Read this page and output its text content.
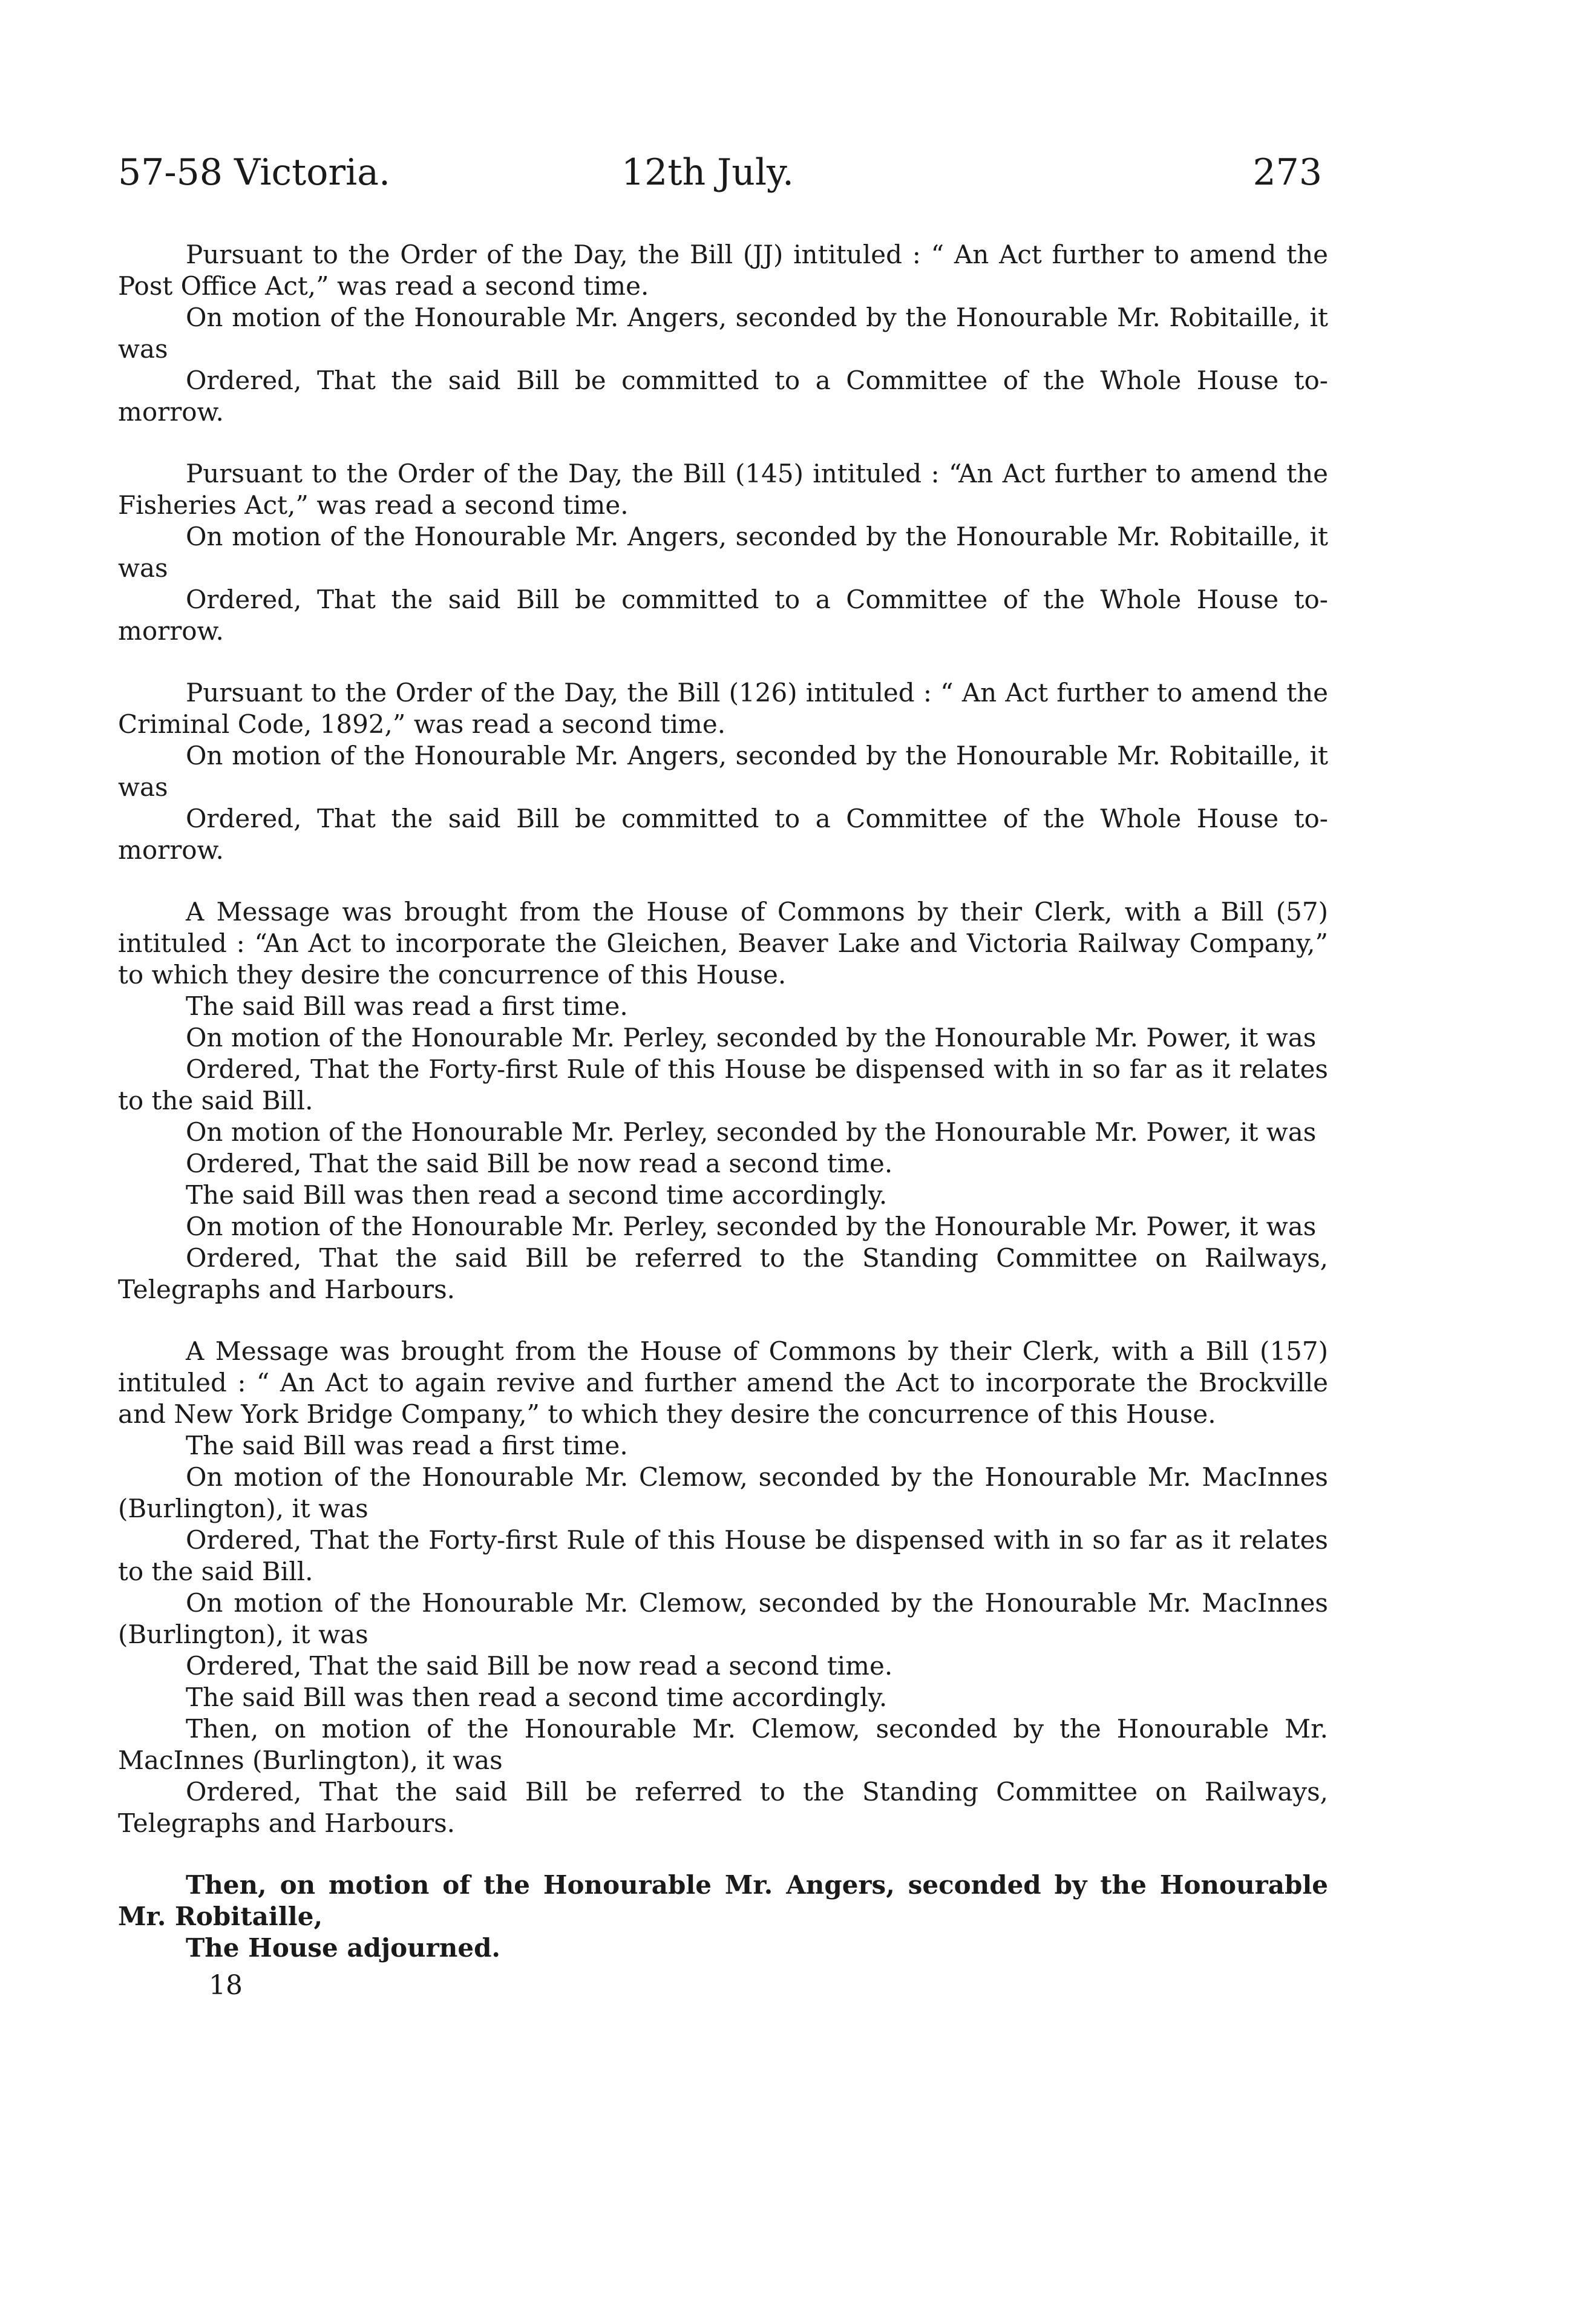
57-58 Victoria.	12th July.	273

Pursuant to the Order of the Day, the Bill (JJ) intituled : “ An Act further to amend the Post Office Act,” was read a second time.

On motion of the Honourable Mr. Angers, seconded by the Honourable Mr. Robitaille, it was

Ordered, That the said Bill be committed to a Committee of the Whole House to-morrow.

Pursuant to the Order of the Day, the Bill (145) intituled : “An Act further to amend the Fisheries Act,” was read a second time.

On motion of the Honourable Mr. Angers, seconded by the Honourable Mr. Robitaille, it was

Ordered, That the said Bill be committed to a Committee of the Whole House to-morrow.

Pursuant to the Order of the Day, the Bill (126) intituled : “ An Act further to amend the Criminal Code, 1892,” was read a second time.

On motion of the Honourable Mr. Angers, seconded by the Honourable Mr. Robitaille, it was

Ordered, That the said Bill be committed to a Committee of the Whole House to-morrow.

A Message was brought from the House of Commons by their Clerk, with a Bill (57) intituled : “An Act to incorporate the Gleichen, Beaver Lake and Victoria Railway Company,” to which they desire the concurrence of this House.

The said Bill was read a first time.

On motion of the Honourable Mr. Perley, seconded by the Honourable Mr. Power, it was

Ordered, That the Forty-first Rule of this House be dispensed with in so far as it relates to the said Bill.

On motion of the Honourable Mr. Perley, seconded by the Honourable Mr. Power, it was

Ordered, That the said Bill be now read a second time.

The said Bill was then read a second time accordingly.

On motion of the Honourable Mr. Perley, seconded by the Honourable Mr. Power, it was

Ordered, That the said Bill be referred to the Standing Committee on Railways, Telegraphs and Harbours.

A Message was brought from the House of Commons by their Clerk, with a Bill (157) intituled : “ An Act to again revive and further amend the Act to incorporate the Brockville and New York Bridge Company,” to which they desire the concurrence of this House.

The said Bill was read a first time.

On motion of the Honourable Mr. Clemow, seconded by the Honourable Mr. MacInnes (Burlington), it was

Ordered, That the Forty-first Rule of this House be dispensed with in so far as it relates to the said Bill.

On motion of the Honourable Mr. Clemow, seconded by the Honourable Mr. MacInnes (Burlington), it was

Ordered, That the said Bill be now read a second time.

The said Bill was then read a second time accordingly.

Then, on motion of the Honourable Mr. Clemow, seconded by the Honourable Mr. MacInnes (Burlington), it was

Ordered, That the said Bill be referred to the Standing Committee on Railways, Telegraphs and Harbours.

Then, on motion of the Honourable Mr. Angers, seconded by the Honourable Mr. Robitaille,

The House adjourned.

18
